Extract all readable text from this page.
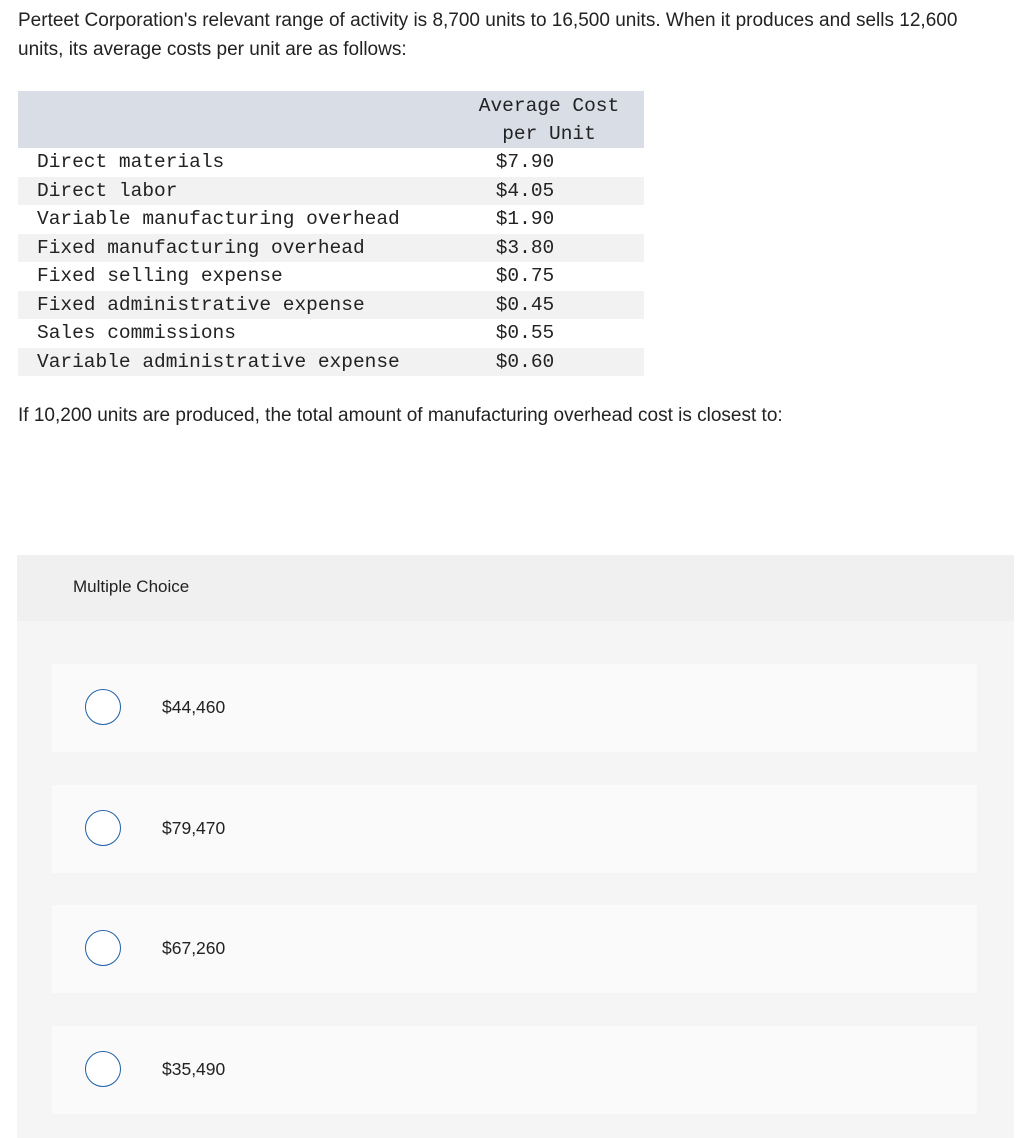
Perteet Corporation's relevant range of activity is 8,700 units to 16,500 units. When it produces and sells 12,600 units, its average costs per unit are as follows:

	Average Cost
per Unit

Direct materials	$7.90
Direct labor	$4.05
Variable manufacturing overhead	$1.90
Fixed manufacturing overhead	$3.80
Fixed selling expense	$0.75
Fixed administrative expense	$0.45
Sales commissions	$0.55
Variable administrative expense	$0.60

If 10,200 units are produced, the total amount of manufacturing overhead cost is closest to:

Multiple Choice
$44,460
$79,470
$67,260
$35,490
